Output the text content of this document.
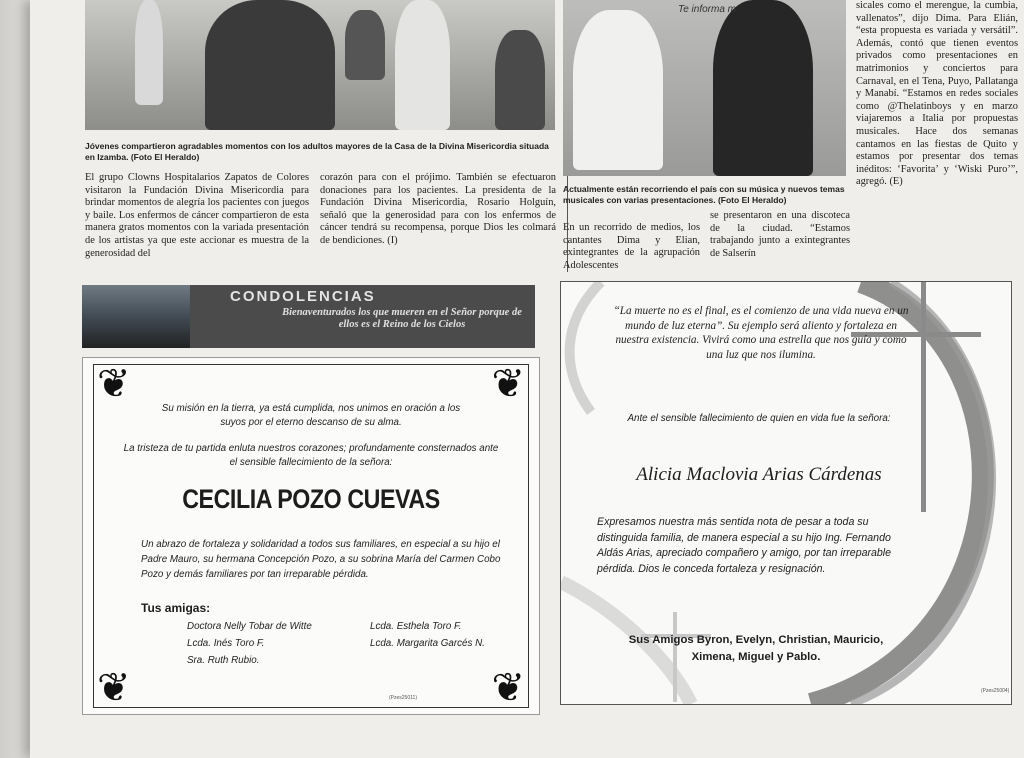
Jóvenes compartieron agradables momentos con los adultos mayores de la Casa de la Divina Misericordia situada en Izamba. (Foto El Heraldo)
El grupo Clowns Hospitalarios Zapatos de Colores visitaron la Fundación Divina Misericordia para brindar momentos de alegría los pacientes con juegos y baile. Los enfermos de cáncer compartieron de esta manera gratos momentos con la variada presentación de los artistas ya que este accionar es muestra de la generosidad del
corazón para con el prójimo. También se efectuaron donaciones para los pacientes. La presidenta de la Fundación Divina Misericordia, Rosario Holguín, señaló que la generosidad para con los enfermos de cáncer tendrá su recompensa, porque Dios les colmará de bendiciones. (I)
Te informa m
Actualmente están recorriendo el país con su música y nuevos temas musicales con varias presentaciones. (Foto El Heraldo)
En un recorrido de medios, los cantantes Dima y Elian, exintegrantes de la agrupación Adolescentes
se presentaron en una discoteca de la ciudad. “Estamos trabajando junto a exintegrantes de Salserín
sicales como el merengue, la cumbia, vallenatos”, dijo Dima. Para Elián, “esta propuesta es variada y versátil”. Además, contó que tienen eventos privados como presentaciones en matrimonios y conciertos para Carnaval, en el Tena, Puyo, Pallatanga y Manabí. “Estamos en redes sociales como @Thelatinboys y en marzo viajaremos a Italia por propuestas musicales. Hace dos semanas cantamos en las fiestas de Quito y estamos por presentar dos temas inéditos: ‘Favorita’ y ‘Wiski Puro’”, agregó. (E)
CONDOLENCIAS
Bienaventurados los que mueren en el Señor porque de ellos es el Reino de los Cielos
❦	❦
❦	❦
Su misión en la tierra, ya está cumplida, nos unimos en oración a los suyos por el eterno descanso de su alma.
La tristeza de tu partida enluta nuestros corazones; profundamente consternados ante el sensible fallecimiento de la señora:
CECILIA POZO CUEVAS
Un abrazo de fortaleza y solidaridad a todos sus familiares, en especial a su hijo el Padre Mauro, su hermana Concepción Pozo, a su sobrina María del Carmen Cobo Pozo y demás familiares por tan irreparable pérdida.
Tus amigas:
Doctora Nelly Tobar de Witte
Lcda. Inés Toro F.
Sra. Ruth Rubio.
Lcda. Esthela Toro F.
Lcda. Margarita Garcés N.
(Pzes25011)
“La muerte no es el final, es el comienzo de una vida nueva en un mundo de luz eterna”. Su ejemplo será aliento y fortaleza en nuestra existencia. Vivirá como una estrella que nos guía y como una luz que nos ilumina.
Ante el sensible fallecimiento de quien en vida fue la señora:
Alicia Maclovia Arias Cárdenas
Expresamos nuestra más sentida nota de pesar a toda su distinguida familia, de manera especial a su hijo Ing. Fernando Aldás Arias, apreciado compañero y amigo, por tan irreparable pérdida. Dios le conceda fortaleza y resignación.
Sus Amigos Byron, Evelyn, Christian, Mauricio, Ximena, Miguel y Pablo.
(Pzes25004)
